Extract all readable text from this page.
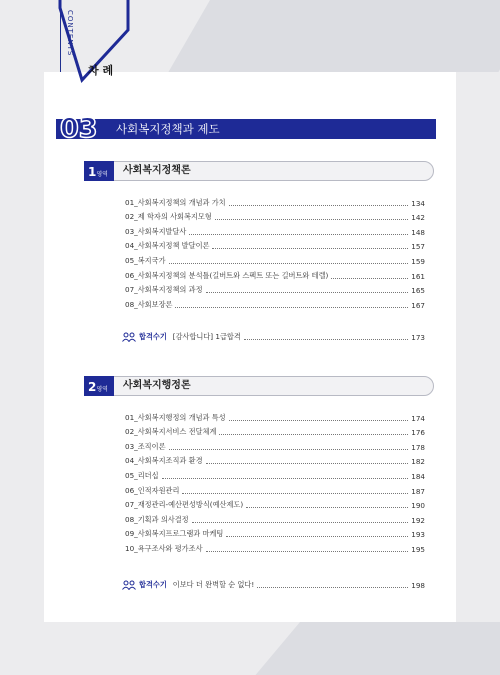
CONTENTS
차 례
03 사회복지정책과 제도
1영역	사회복지정책론
01_사회복지정책의 개념과 가치	134
02_제 학자의 사회복지모형	142
03_사회복지발달사	148
04_사회복지정책 발달이론	157
05_복지국가	159
06_사회복지정책의 분석틀(길버트와 스펙트 또는 길버트와 테렐)	161
07_사회복지정책의 과정	165
08_사회보장론	167
합격수기 [감사합니다] 1급합격	173
2영역	사회복지행정론
01_사회복지행정의 개념과 특성	174
02_사회복지서비스 전달체계	176
03_조직이론	178
04_사회복지조직과 환경	182
05_리더십	184
06_인적자원관리	187
07_재정관리-예산편성방식(예산제도)	190
08_기획과 의사결정	192
09_사회복지프로그램과 마케팅	193
10_욕구조사와 평가조사	195
합격수기 이보다 더 완벽할 순 없다!	198
